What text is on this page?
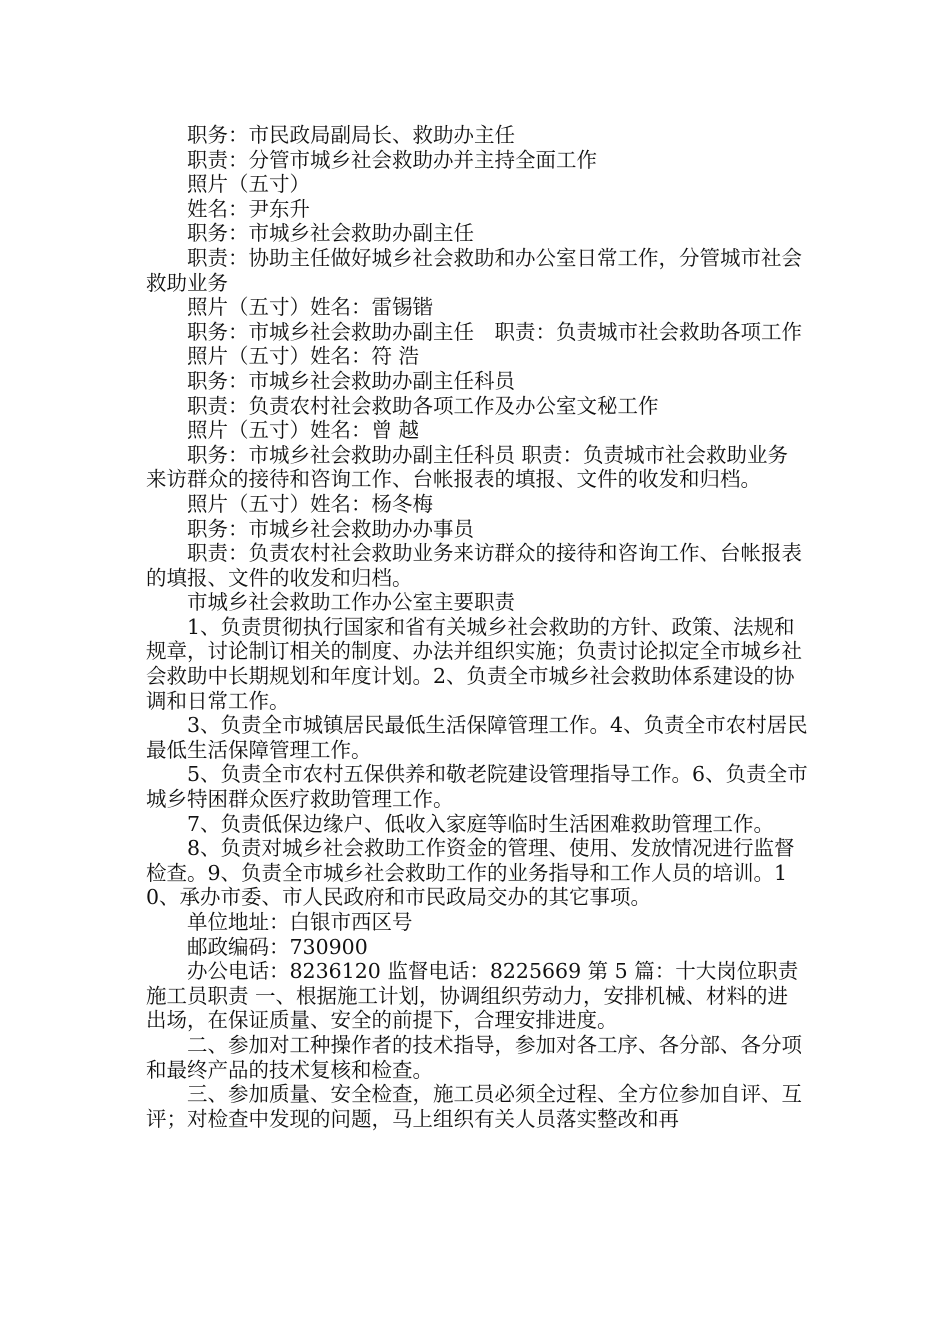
职务：市民政局副局长、救助办主任

职责：分管市城乡社会救助办并主持全面工作

照片（五寸）

姓名：尹东升

职务：市城乡社会救助办副主任

职责：协助主任做好城乡社会救助和办公室日常工作，分管城市社会救助业务

照片（五寸）姓名：雷锡锴

职务：市城乡社会救助办副主任　职责：负责城市社会救助各项工作

照片（五寸）姓名：符 浩

职务：市城乡社会救助办副主任科员

职责：负责农村社会救助各项工作及办公室文秘工作

照片（五寸）姓名：曾 越

职务：市城乡社会救助办副主任科员 职责：负责城市社会救助业务来访群众的接待和咨询工作、台帐报表的填报、文件的收发和归档。

照片（五寸）姓名：杨冬梅

职务：市城乡社会救助办办事员

职责：负责农村社会救助业务来访群众的接待和咨询工作、台帐报表的填报、文件的收发和归档。

市城乡社会救助工作办公室主要职责

1、负责贯彻执行国家和省有关城乡社会救助的方针、政策、法规和规章，讨论制订相关的制度、办法并组织实施；负责讨论拟定全市城乡社会救助中长期规划和年度计划。2、负责全市城乡社会救助体系建设的协调和日常工作。

3、负责全市城镇居民最低生活保障管理工作。4、负责全市农村居民最低生活保障管理工作。

5、负责全市农村五保供养和敬老院建设管理指导工作。6、负责全市城乡特困群众医疗救助管理工作。

7、负责低保边缘户、低收入家庭等临时生活困难救助管理工作。

8、负责对城乡社会救助工作资金的管理、使用、发放情况进行监督检查。9、负责全市城乡社会救助工作的业务指导和工作人员的培训。10、承办市委、市人民政府和市民政局交办的其它事项。

单位地址：白银市西区号

邮政编码：730900

办公电话：8236120 监督电话：8225669 第 5 篇：十大岗位职责施工员职责 一、根据施工计划，协调组织劳动力，安排机械、材料的进出场，在保证质量、安全的前提下，合理安排进度。

二、参加对工种操作者的技术指导，参加对各工序、各分部、各分项和最终产品的技术复核和检查。

三、参加质量、安全检查，施工员必须全过程、全方位参加自评、互评；对检查中发现的问题，马上组织有关人员落实整改和再
